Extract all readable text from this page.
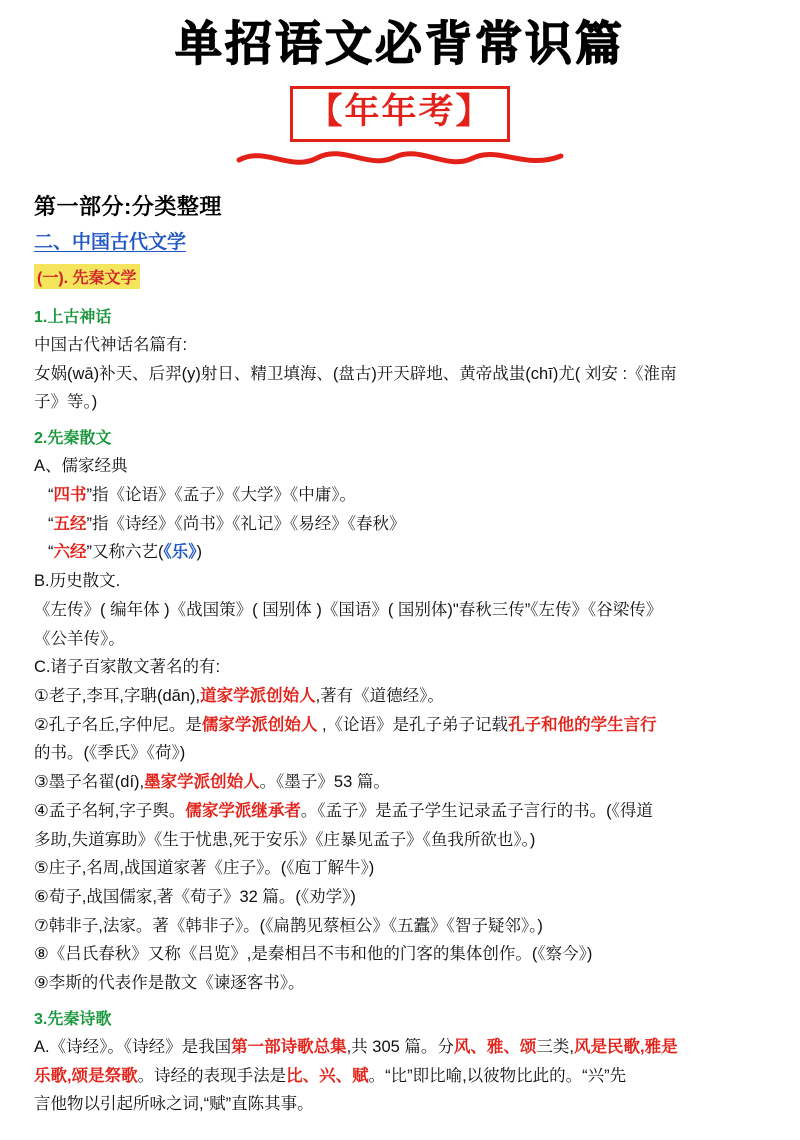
单招语文必背常识篇
【年年考】
第一部分:分类整理
二、中国古代文学
(一). 先秦文学
1.上古神话

中国古代神话名篇有:

女娲(wā)补天、后羿(y)射日、精卫填海、(盘古)开天辟地、黄帝战蚩(chī)尤( 刘安 :《淮南

子》等。)

2.先秦散文

A、儒家经典

“四书”指《论语》《孟子》《大学》《中庸》。

“五经”指《诗经》《尚书》《礼记》《易经》《春秋》

“六经”又称六艺(《乐》)

B.历史散文.

《左传》( 编年体 )《战国策》( 国别体 )《国语》( 国别体)"春秋三传”《左传》《谷梁传》

《公羊传》。

C.诸子百家散文著名的有:

①老子,李耳,字聃(dān),道家学派创始人,著有《道德经》。

②孔子名丘,字仲尼。是儒家学派创始人 ,《论语》是孔子弟子记载孔子和他的学生言行

的书。(《季氏》《荷》)

③墨子名翟(dí),墨家学派创始人。《墨子》53 篇。

④孟子名轲,字子舆。儒家学派继承者。《孟子》是孟子学生记录孟子言行的书。(《得道

多助,失道寡助》《生于忧患,死于安乐》《庄暴见孟子》《鱼我所欲也》。)

⑤庄子,名周,战国道家著《庄子》。(《庖丁解牛》)

⑥荀子,战国儒家,著《荀子》32 篇。(《劝学》)

⑦韩非子,法家。著《韩非子》。(《扁鹊见蔡桓公》《五蠹》《智子疑邻》。)

⑧《吕氏春秋》又称《吕览》,是秦相吕不韦和他的门客的集体创作。(《察今》)

⑨李斯的代表作是散文《谏逐客书》。

3.先秦诗歌

A.《诗经》。《诗经》是我国第一部诗歌总集,共 305 篇。分风、雅、颂三类,风是民歌,雅是

乐歌,颂是祭歌。诗经的表现手法是比、兴、赋。“比”即比喻,以彼物比此的。“兴”先

言他物以引起所咏之词,“赋”直陈其事。
